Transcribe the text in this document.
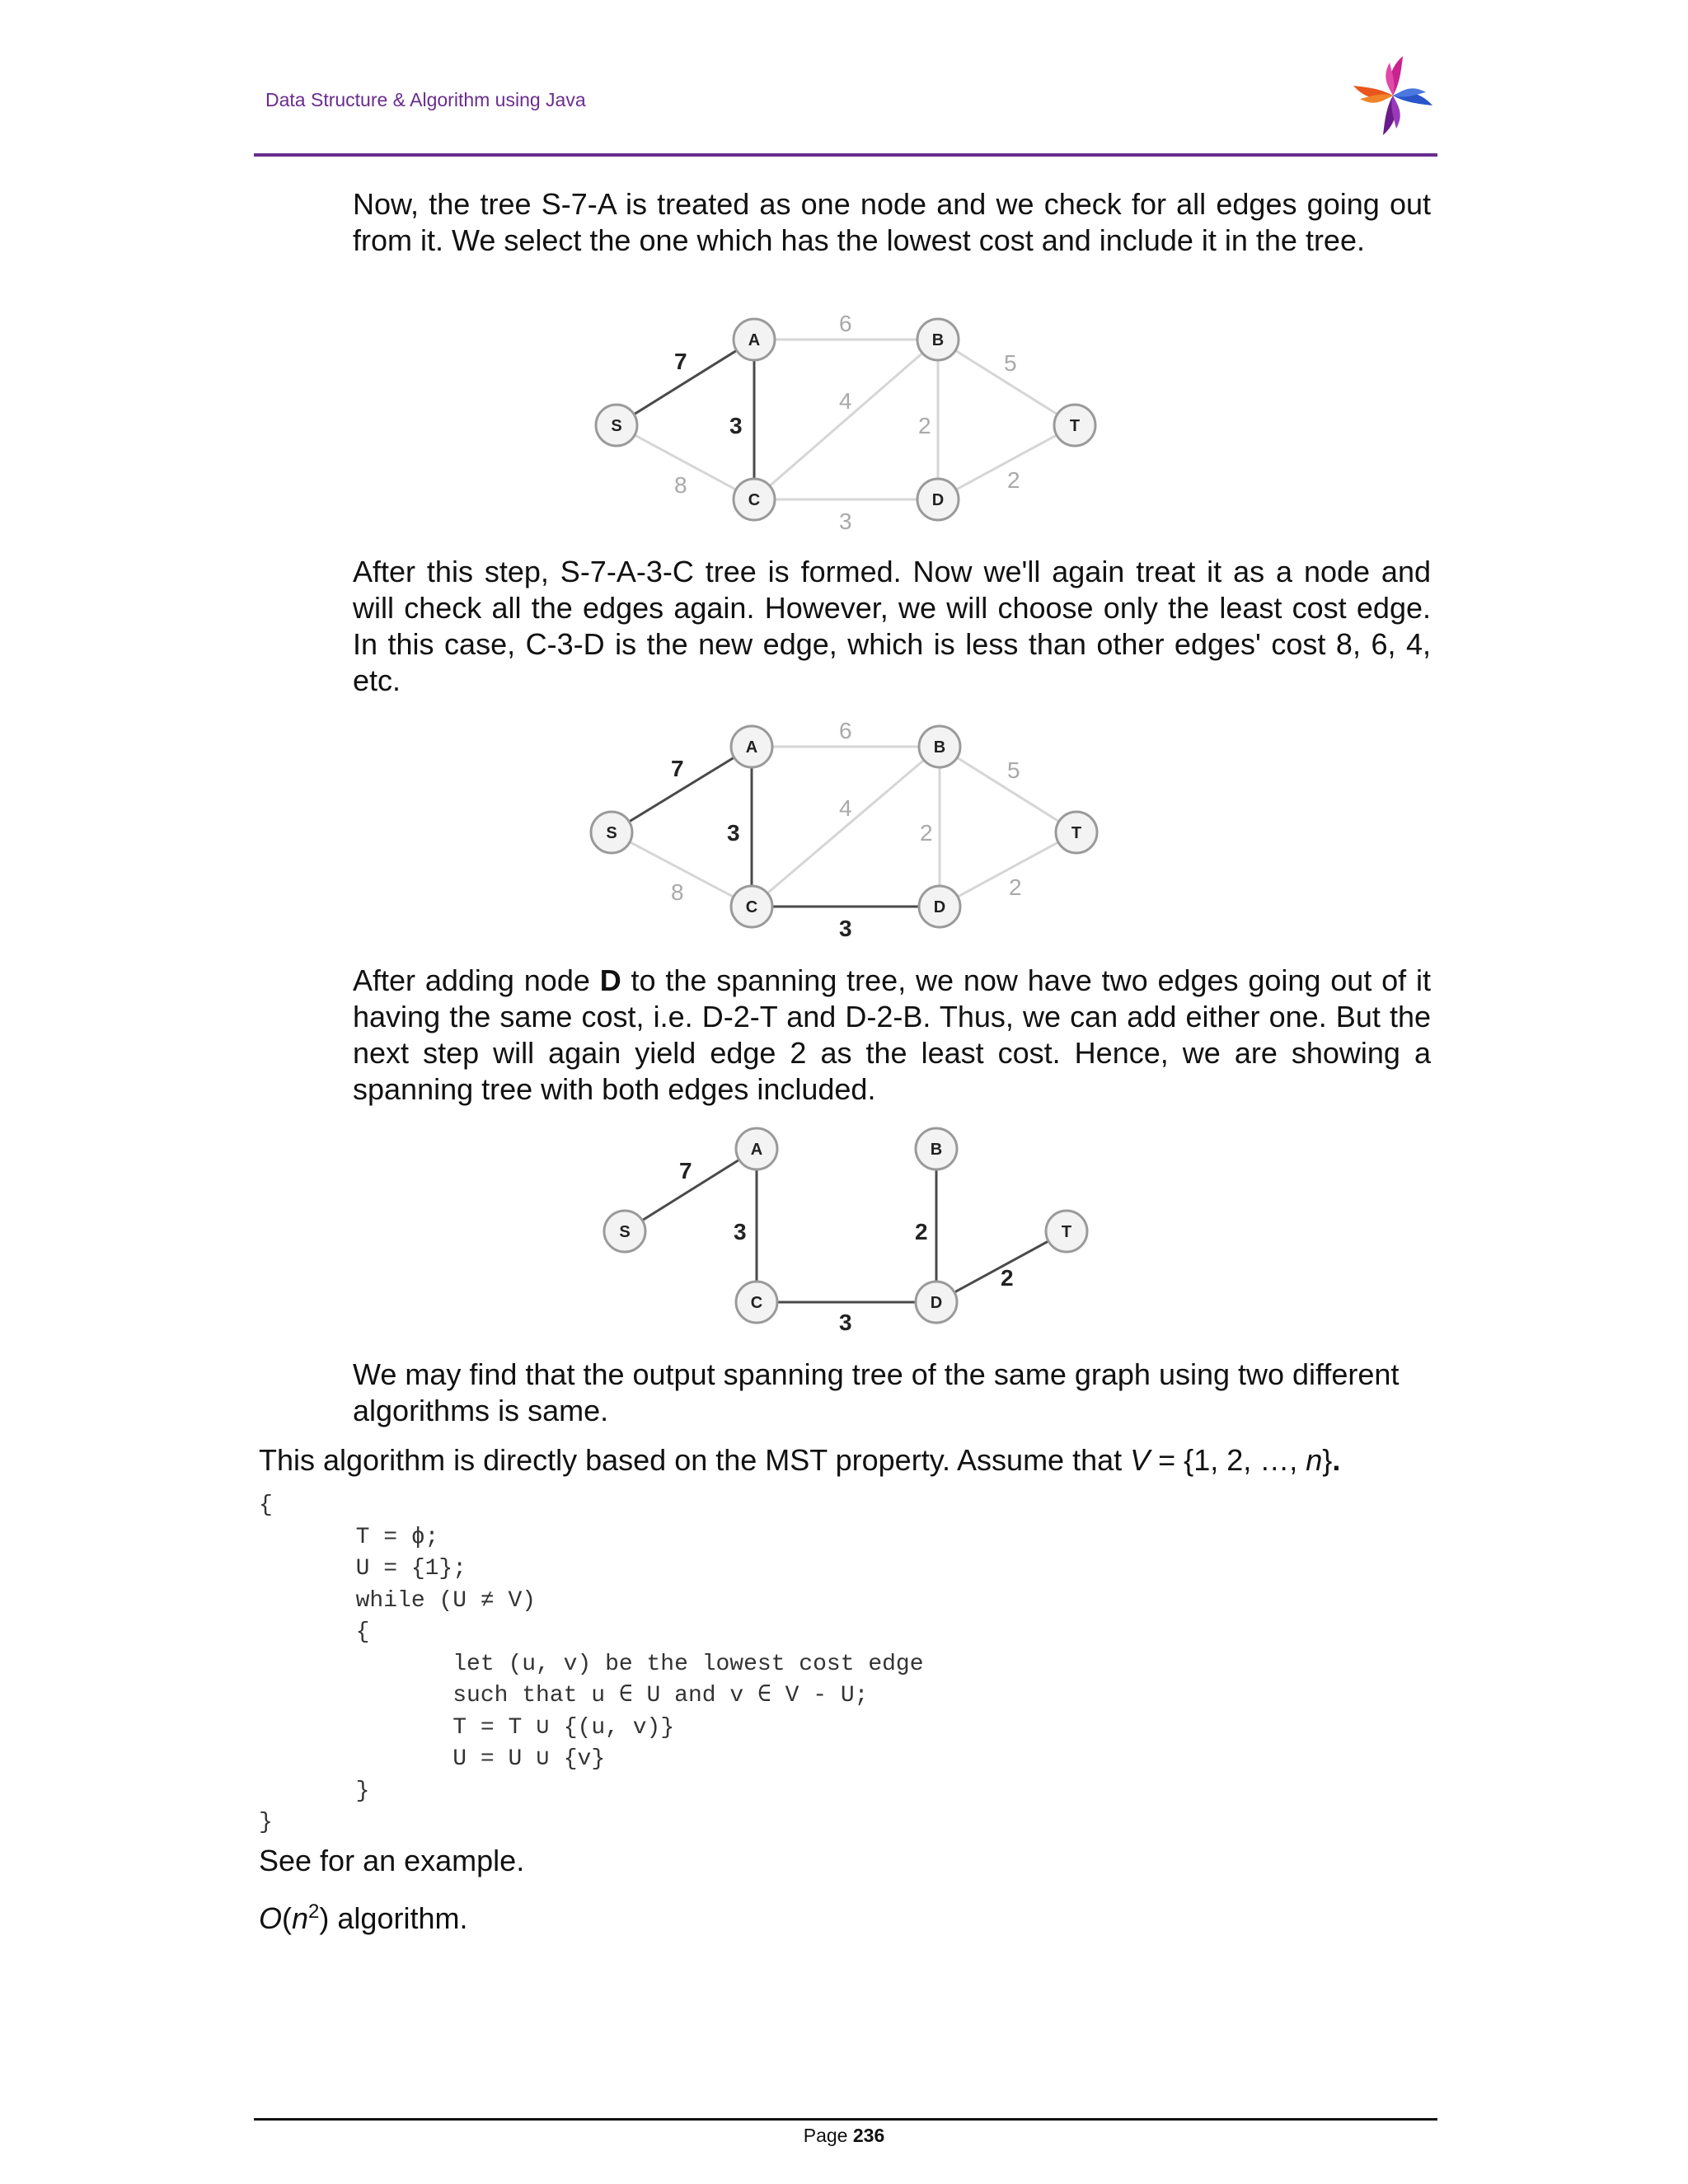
Data Structure & Algorithm using Java

Now, the tree S-7-A is treated as one node and we check for all edges going out from it. We select the one which has the lowest cost and include it in the tree.

7
6
5
3
4
2
8
3
2
S
A	B
T
C	D

After this step, S-7-A-3-C tree is formed. Now we'll again treat it as a node and will check all the edges again. However, we will choose only the least cost edge. In this case, C-3-D is the new edge, which is less than other edges' cost 8, 6, 4, etc.

7
6
5
3
4
2
8
3
2
S
A	B
T
C	D

After adding node D to the spanning tree, we now have two edges going out of it having the same cost, i.e. D-2-T and D-2-B. Thus, we can add either one. But the next step will again yield edge 2 as the least cost. Hence, we are showing a spanning tree with both edges included.

7
3
3
2
2
S
A	B
T
C	D

We may find that the output spanning tree of the same graph using two different algorithms is same.

This algorithm is directly based on the MST property. Assume that V = {1, 2, …, n}.

{
T = ϕ;
U = {1};
while (U ≠ V)
{
let (u, v) be the lowest cost edge
such that u ∈ U and v ∈ V - U;
T = T ∪ {(u, v)}
U = U ∪ {v}
}
}

See for an example.

$O(n^2)$ algorithm.

Page 236
